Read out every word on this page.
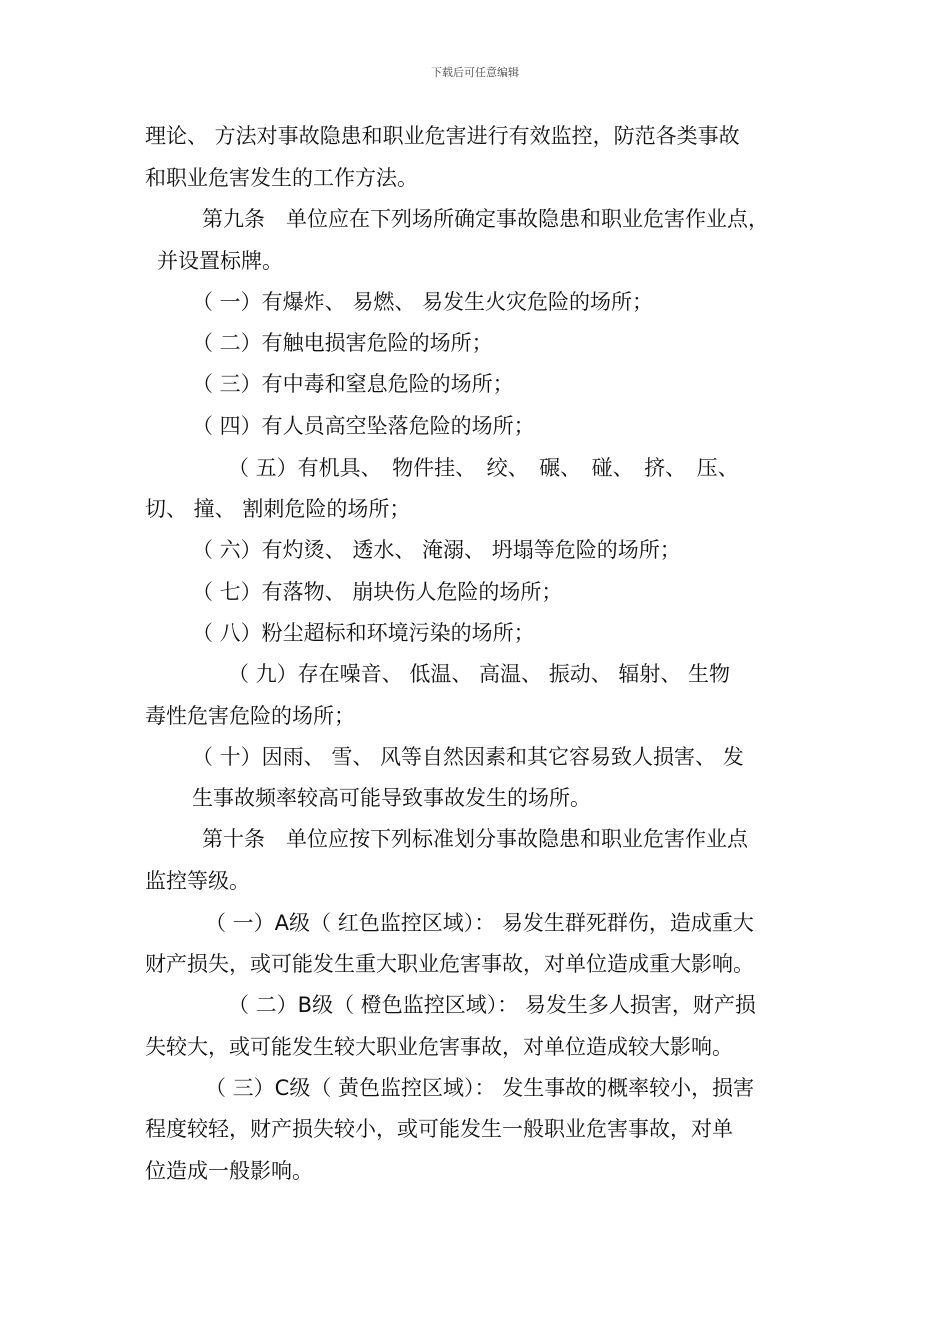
下载后可任意编辑
理论、 方法对事故隐患和职业危害进行有效监控，防范各类事故
和职业危害发生的工作方法。
第九条　单位应在下列场所确定事故隐患和职业危害作业点，
并设置标牌。
（ 一）有爆炸、 易燃、 易发生火灾危险的场所；
（ 二）有触电损害危险的场所；
（ 三）有中毒和窒息危险的场所；
（ 四）有人员高空坠落危险的场所；
（ 五）有机具、　物件挂、　绞、　碾、　碰、　挤、　压、
切、 撞、 割刺危险的场所；
（ 六）有灼烫、 透水、 淹溺、 坍塌等危险的场所；
（ 七）有落物、 崩块伤人危险的场所；
（ 八）粉尘超标和环境污染的场所；
（ 九）存在噪音、 低温、 高温、 振动、 辐射、 生物
毒性危害危险的场所；
（ 十）因雨、 雪、 风等自然因素和其它容易致人损害、 发
生事故频率较高可能导致事故发生的场所。
第十条　单位应按下列标准划分事故隐患和职业危害作业点
监控等级。
（ 一）A级（ 红色监控区域）： 易发生群死群伤，造成重大
财产损失，或可能发生重大职业危害事故，对单位造成重大影响。
（ 二）B级（ 橙色监控区域）： 易发生多人损害，财产损
失较大，或可能发生较大职业危害事故，对单位造成较大影响。
（ 三）C级（ 黄色监控区域）： 发生事故的概率较小，损害
程度较轻，财产损失较小，或可能发生一般职业危害事故，对单
位造成一般影响。
